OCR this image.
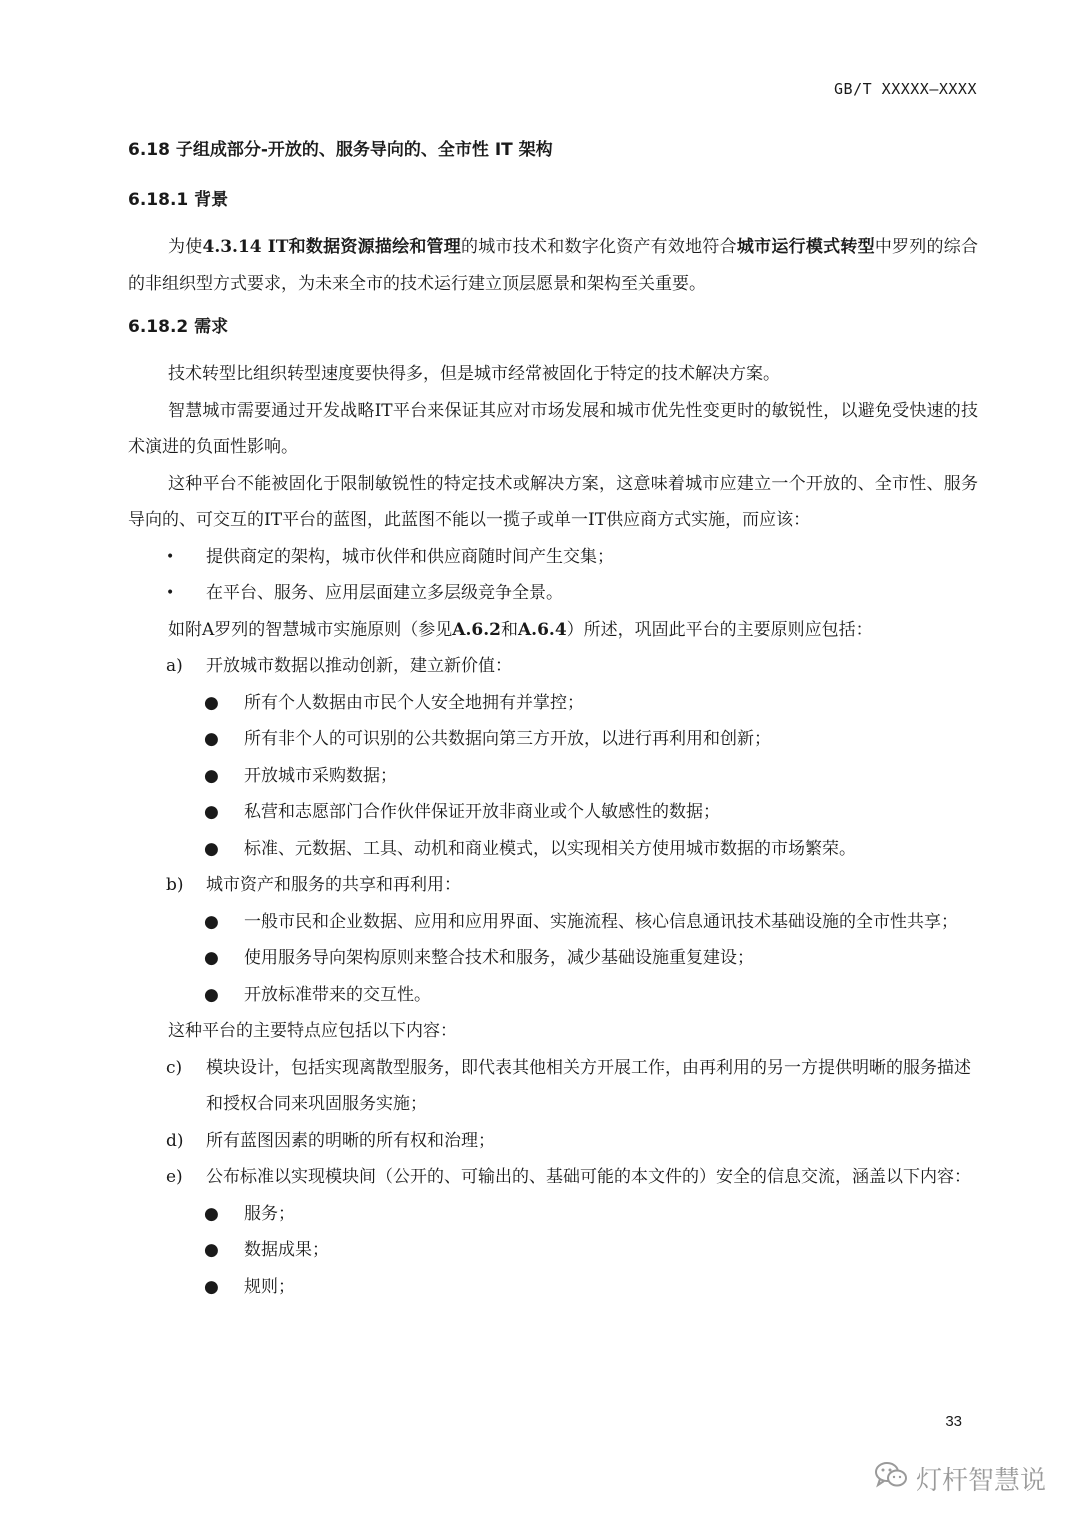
GB/T XXXXX—XXXX
6.18 子组成部分-开放的、服务导向的、全市性 IT 架构
6.18.1 背景

为使4.3.14 IT和数据资源描绘和管理的城市技术和数字化资产有效地符合城市运行模式转型中罗列的综合的非组织型方式要求，为未来全市的技术运行建立顶层愿景和架构至关重要。

6.18.2 需求

技术转型比组织转型速度要快得多，但是城市经常被固化于特定的技术解决方案。

智慧城市需要通过开发战略IT平台来保证其应对市场发展和城市优先性变更时的敏锐性，以避免受快速的技术演进的负面性影响。

这种平台不能被固化于限制敏锐性的特定技术或解决方案，这意味着城市应建立一个开放的、全市性、服务导向的、可交互的IT平台的蓝图，此蓝图不能以一揽子或单一IT供应商方式实施，而应该：

• 提供商定的架构，城市伙伴和供应商随时间产生交集；
• 在平台、服务、应用层面建立多层级竞争全景。

如附A罗列的智慧城市实施原则（参见A.6.2和A.6.4）所述，巩固此平台的主要原则应包括：

a) 开放城市数据以推动创新，建立新价值：
● 所有个人数据由市民个人安全地拥有并掌控；
● 所有非个人的可识别的公共数据向第三方开放，以进行再利用和创新；
● 开放城市采购数据；
● 私营和志愿部门合作伙伴保证开放非商业或个人敏感性的数据；
● 标准、元数据、工具、动机和商业模式，以实现相关方使用城市数据的市场繁荣。
b) 城市资产和服务的共享和再利用：
● 一般市民和企业数据、应用和应用界面、实施流程、核心信息通讯技术基础设施的全市性共享；
● 使用服务导向架构原则来整合技术和服务，减少基础设施重复建设；
● 开放标准带来的交互性。

这种平台的主要特点应包括以下内容：

c) 模块设计，包括实现离散型服务，即代表其他相关方开展工作，由再利用的另一方提供明晰的服务描述和授权合同来巩固服务实施；
d) 所有蓝图因素的明晰的所有权和治理；
e) 公布标准以实现模块间（公开的、可输出的、基础可能的本文件的）安全的信息交流，涵盖以下内容：
● 服务；
● 数据成果；
● 规则；
33
灯杆智慧说
